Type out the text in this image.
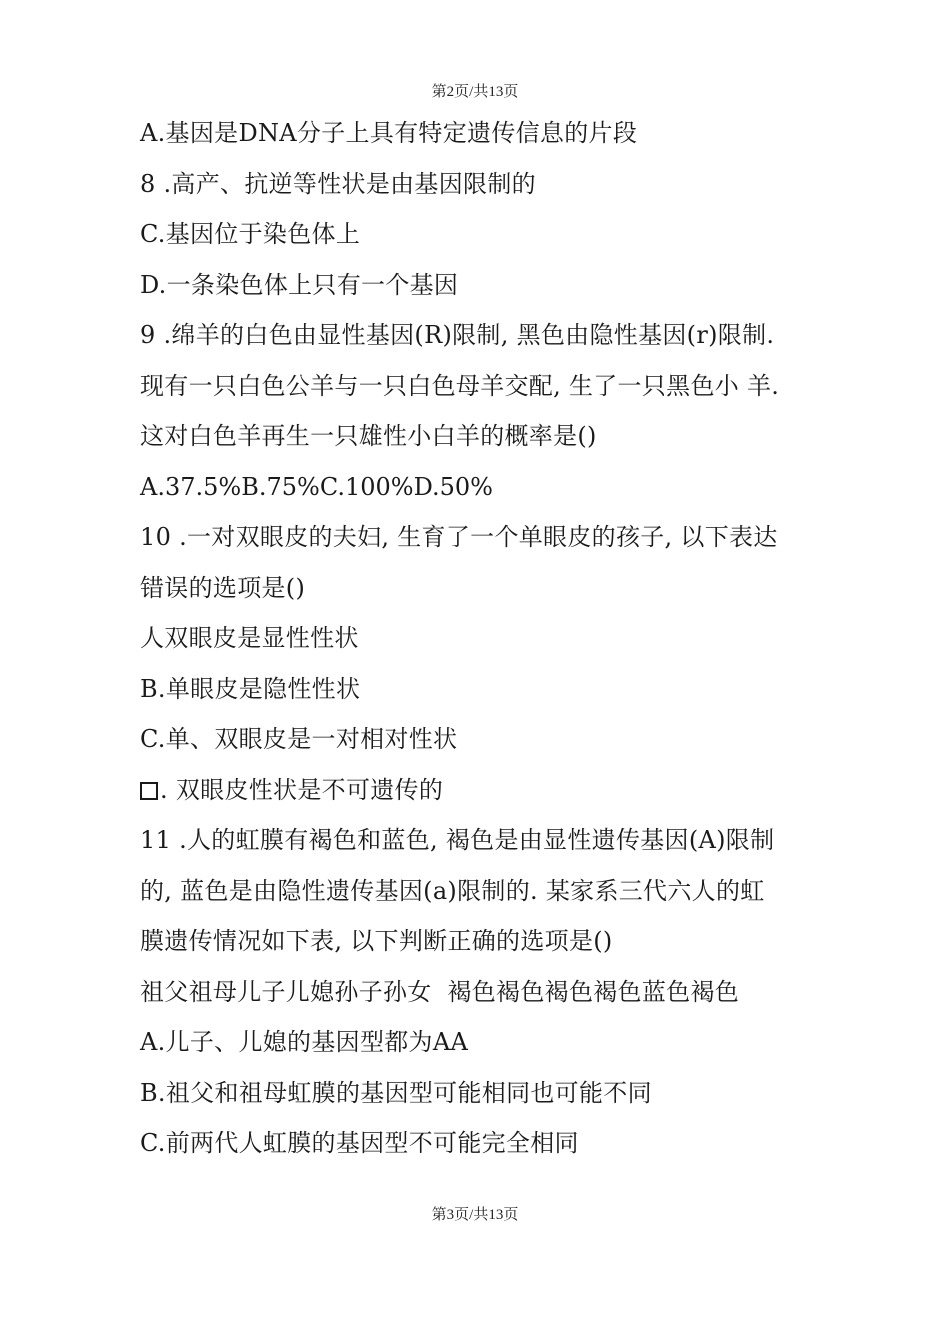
第2页/共13页
A.基因是DNA分子上具有特定遗传信息的片段
8 .高产、抗逆等性状是由基因限制的
C.基因位于染色体上
D.一条染色体上只有一个基因
9 .绵羊的白色由显性基因(R)限制, 黑色由隐性基因(r)限制.
现有一只白色公羊与一只白色母羊交配, 生了一只黑色小 羊.
这对白色羊再生一只雄性小白羊的概率是()
A.37.5%B.75%C.100%D.50%
10 .一对双眼皮的夫妇, 生育了一个单眼皮的孩子, 以下表达
错误的选项是()
人双眼皮是显性性状
B.单眼皮是隐性性状
C.单、双眼皮是一对相对性状
. 双眼皮性状是不可遗传的
11 .人的虹膜有褐色和蓝色, 褐色是由显性遗传基因(A)限制
的, 蓝色是由隐性遗传基因(a)限制的. 某家系三代六人的虹
膜遗传情况如下表, 以下判断正确的选项是()
祖父祖母儿子儿媳孙子孙女  褐色褐色褐色褐色蓝色褐色
A.儿子、儿媳的基因型都为AA
B.祖父和祖母虹膜的基因型可能相同也可能不同
C.前两代人虹膜的基因型不可能完全相同
第3页/共13页
